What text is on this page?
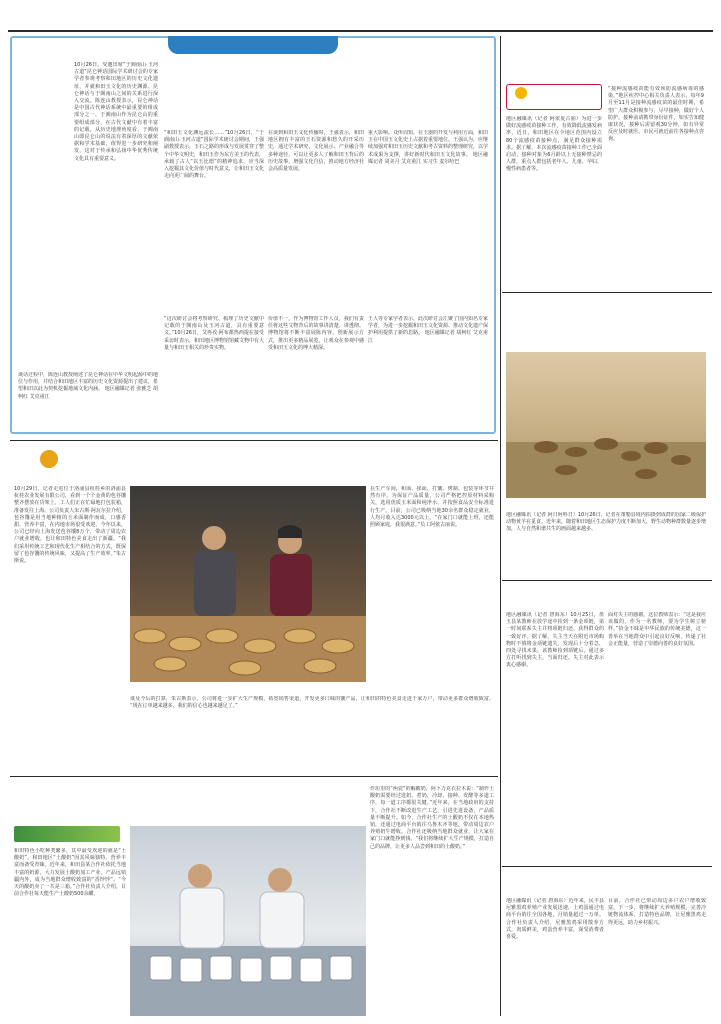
10月26日，受邀出席“于阗南山·玉河古道”昆仑神话国际学术研讨会的专家学者参观考察和田地区的历史文化遗址，并就和田玉文化的历史渊源、昆仑神话与于阗南山之间的关系进行深入交流。陈连山教授表示，昆仑神话是中国古代神话系统中最重要的组成部分之一，于阗南山作为昆仑山的重要组成部分，在古代文献中有着丰富的记载。从历史地理角度看，于阗南山即昆仑山的说法有着深厚的文献依据和学术基础，值得进一步研究和阐发，这对于传承和弘扬中华优秀传统文化具有重要意义。
谈话过程中，陈连山教授阐述了昆仑神话在中华文明起源中的地位与作用，并结合和田地区丰富的历史文化资源提出了建议，希望和田以此为契机挖掘地域文化内涵。 地区融媒记者 张雅芝 胡柯红 艾克甫江
“和田玉文化渊远流长……”10月26日，“于阗南山·玉河古道”国际学术研讨会期间，王强副教授表示，玉石之路的形成与发展贯穿了整个中华文明史，和田玉作为东方美玉的代表，承载了古人“以玉比德”的精神追求，应当深入挖掘其文化价值与时代意义，让和田玉文化走向更广阔的舞台。
在谈到和田玉文化传播时，王强表示，和田地区拥有丰富的玉石资源和悠久的开采历史，通过学术研究、文化展示、产业融合等多种途径，可以让更多人了解和田玉背后的历史故事，增强文化自信，推动地方经济社会高质量发展。
重大影响。众所周知，在玉器的开发与利用方面，和田玉在中国玉文化史上占据着重要地位。王强认为，应继续加强对和田玉历史文献和考古资料的整理研究，以学术成果为支撑，讲好新时代和田玉文化故事。 地区融媒记者 周美月 艾克甫江 实习生 麦尔哈巴
“这次研讨会将考察研究、梳理了历史文献中记载的于阗南山及玉河古道，具有重要意义。”10月26日，艾再孜·阿布都热西提在接受采访时表示，和田地区博物馆馆藏文物中有大量与和田玉相关的珍贵实物。
价值不一，作为博物馆工作人员，我们有责任将这些文物背后的故事讲清楚、讲透彻。博物馆将不断丰富展陈内容，创新展示方式，推出更多精品展览，让观众在参观中感受和田玉文化的博大精深。
王人等专家学者表示，此次研讨会汇聚了国内知名专家学者，为进一步挖掘和田玉文化资源、推动文化遗产保护利用提供了新的思路。 地区融媒记者 胡柯红 艾克甫江
地区融媒讯（记者 阿依夏古丽）为进一步做好流感疫苗接种工作，有效降低流感发病率，近日，和田地区在全地区范围内设立80个流感疫苗接种点，满足群众接种需求。据了解，本次流感疫苗接种工作已全面启动，接种对象为6月龄以上无接种禁忌的人群，重点人群包括老年人、儿童、孕妇、慢性病患者等。
“接种流感疫苗能有效预防流感病毒的感染。”地区疾控中心相关负责人表示，每年9月至11月是接种流感疫苗的最佳时期，希望广大群众积极参与，尽早接种，做好个人防护。接种前请携带身份证件，如实告知健康状况，接种后需留观30分钟，如有异常反应及时就医。市民可就近前往各接种点咨询。
地区融媒讯（记者 阿日阿科日）10月26日，记者在策勒县境内拍摄到成群的国家二级保护动物黄羊在觅食。近年来，随着和田地区生态保护力度不断加大，野生动物种群数量逐步增加，人与自然和谐共生的画面越来越多。
地区融媒讯（记者 唐海东）10月25日，墨玉县某教师在放学途中捡到一条金项链，第一时间联系失主并将项链归还，获得群众的一致好评。据了解，失主当天在附近市场购物时不慎将金项链遗失，发现后十分着急，四处寻找未果。该教师捡到项链后，通过多方打听找到失主，当面归还。失主对此表示衷心感谢。
面对失主的感谢，这位教师表示：“这是我应该做的，作为一名教师，要为学生树立榜样。”拾金不昧是中华民族的传统美德，这一善举在当地群众中引起良好反响，传递了社会正能量，营造了崇德向善的良好氛围。
地区融媒讯（记者 唐海东）近年来，民丰县尼雅黑鸡养殖产业发展迅速，土鸡蛋通过电商平台销往全国各地，月销量超过一万单。合作社负责人介绍，尼雅黑鸡采用散养方式，肉质鲜美，鸡蛋营养丰富，深受消费者喜爱。
目前，合作社已带动周边多户农户增收致富。下一步，将继续扩大养殖规模，完善冷链物流体系，打造特色品牌，让尼雅黑鸡走得更远，助力乡村振兴。
10月29日，记者走进位于洛浦县杭桂乡的洛浦县杭桂农业发展有限公司，看到一个个金黄的苞谷馕整齐摆放在货架上，工人们正在忙碌地打包装箱，准备发往上海。公司负责人朱古斯·阿瓦尔拉介绍，苞谷馕是用当地种植的玉米面制作而成，口感香甜，营养丰富，在内地市场很受欢迎。今年以来，公司已经向上海发送苞谷馕8万个，带动了周边农户就业增收，也让和田特色美食走出了新疆。“我们采用传统工艺和现代化生产相结合的方式，既保留了苞谷馕的传统风味，又提高了生产效率。”朱古斯说。
在生产车间，和面、揉面、打馕、烤制、包装等环节井然有序。为保证产品质量，公司严格把控原材料采购关，选用优质玉米面和纯净水，并按照食品安全标准进行生产。目前，公司已吸纳当地30余名群众稳定就业，人均月收入达3000元以上。“在家门口就能上班，还能照顾家庭，我很满意。”员工阿依古丽说。
谈及今后的打算，朱古斯表示，公司将进一步扩大生产规模，拓宽销售渠道，开发更多口味的馕产品，让和田的特色美食走进千家万户，带动更多群众增收致富。 “现在订单越来越多，我们的信心也越来越足了。”
和田特色小吃种类繁多，其中最受欢迎的就是“土酸奶”。和田地区“土酸奶”因其风味独特、营养丰富而备受青睐。近年来，和田县某合作社依托当地丰富的奶源，大力发展土酸奶加工产业，产品远销疆内外，成为当地群众增收致富的“香饽饽”。“今天的酸奶卖了一共是三箱。”合作社负责人介绍，目前合作社每天能生产土酸奶500余罐。
作坊里的“两瓷”的解酸奶，阿卜力克衣拉木说：“制作土酸奶需要经过选奶、煮奶、冷却、接种、发酵等多道工序，每一道工序都很关键。”近年来，在当地政府的支持下，合作社不断改进生产工艺，引进先进设备，产品质量不断提升。如今，合作社生产的土酸奶不仅在本地热销，还通过电商平台销往乌鲁木齐等地，带动周边农户养殖奶牛增收。合作社还吸纳当地群众就业，让大家在家门口就能挣到钱。“我们将继续扩大生产规模，打造自己的品牌，让更多人品尝到和田的土酸奶。”
